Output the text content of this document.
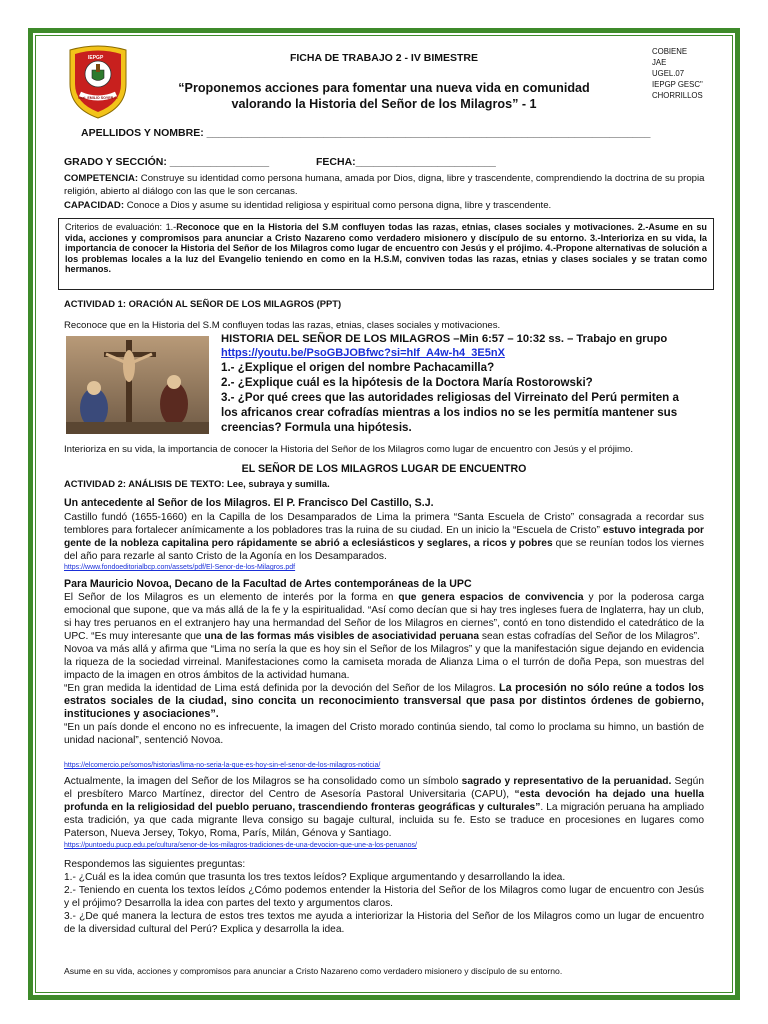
IEPGP
Gral. EMILIO SOYER C.
FICHA DE TRABAJO 2 - IV BIMESTRE
“Proponemos acciones para fomentar una nueva vida en comunidad
valorando la Historia del Señor de los Milagros” - 1
COBIENE
JAE
UGEL.07
IEPGP GESC"
CHORRILLOS
APELLIDOS Y NOMBRE: ____________________________________________________________________________
GRADO Y SECCIÓN: _________________	FECHA:________________________
COMPETENCIA: Construye su identidad como persona humana, amada por Dios, digna, libre y trascendente, comprendiendo la doctrina de su propia religión, abierto al diálogo con las que le son cercanas.
CAPACIDAD: Conoce a Dios y asume su identidad religiosa y espiritual como persona digna, libre y trascendente.
Criterios de evaluación: 1.-Reconoce que en la Historia del S.M confluyen todas las razas, etnias, clases sociales y motivaciones. 2.-Asume en su vida, acciones y compromisos para anunciar a Cristo Nazareno como verdadero misionero y discípulo de su entorno. 3.-Interioriza en su vida, la importancia de conocer la Historia del Señor de los Milagros como lugar de encuentro con Jesús y el prójimo. 4.-Propone alternativas de solución a los problemas locales a la luz del Evangelio teniendo en como en la H.S.M, conviven todas las razas, etnias y clases sociales y se tratan como hermanos.
ACTIVIDAD 1: ORACIÓN AL SEÑOR DE LOS MILAGROS (PPT)
Reconoce que en la Historia del S.M confluyen todas las razas, etnias, clases sociales y motivaciones.
HISTORIA DEL SEÑOR DE LOS MILAGROS –Min 6:57 – 10:32 ss. – Trabajo en grupo
https://youtu.be/PsoGBJOBfwc?si=hIf_A4w-h4_3E5nX
1.- ¿Explique el origen del nombre Pachacamilla?
2.- ¿Explique cuál es la hipótesis de la Doctora María Rostorowski?
3.- ¿Por qué crees que las autoridades religiosas del Virreinato del Perú permiten a los africanos crear cofradías mientras a los indios no se les permitía mantener sus creencias? Formula una hipótesis.
Interioriza en su vida, la importancia de conocer la Historia del Señor de los Milagros como lugar de encuentro con Jesús y el prójimo.
EL SEÑOR DE LOS MILAGROS LUGAR DE ENCUENTRO
ACTIVIDAD 2: ANÁLISIS DE TEXTO: Lee, subraya y sumilla.
Un antecedente al Señor de los Milagros. El P. Francisco Del Castillo, S.J.
Castillo fundó (1655-1660) en la Capilla de los Desamparados de Lima la primera “Santa Escuela de Cristo” consagrada a recordar sus temblores para fortalecer anímicamente a los pobladores tras la ruina de su ciudad. En un inicio la “Escuela de Cristo” estuvo integrada por gente de la nobleza capitalina pero rápidamente se abrió a eclesiásticos y seglares, a ricos y pobres que se reunían todos los viernes del año para rezarle al santo Cristo de la Agonía en los Desamparados.
https://www.fondoeditorialbcp.com/assets/pdf/El-Senor-de-los-Milagros.pdf
Para Mauricio Novoa, Decano de la Facultad de Artes contemporáneas de la UPC
El Señor de los Milagros es un elemento de interés por la forma en que genera espacios de convivencia y por la poderosa carga emocional que supone, que va más allá de la fe y la espiritualidad. “Así como decían que si hay tres ingleses fuera de Inglaterra, hay un club, si hay tres peruanos en el extranjero hay una hermandad del Señor de los Milagros en ciernes”, contó en tono distendido el catedrático de la UPC. “Es muy interesante que una de las formas más visibles de asociatividad peruana sean estas cofradías del Señor de los Milagros”.
Novoa va más allá y afirma que “Lima no sería la que es hoy sin el Señor de los Milagros” y que la manifestación sigue dejando en evidencia la riqueza de la sociedad virreinal. Manifestaciones como la camiseta morada de Alianza Lima o el turrón de doña Pepa, son muestras del impacto de la imagen en otros ámbitos de la actividad humana.
“En gran medida la identidad de Lima está definida por la devoción del Señor de los Milagros. La procesión no sólo reúne a todos los estratos sociales de la ciudad, sino concita un reconocimiento transversal que pasa por distintos órdenes de gobierno, instituciones y asociaciones”.
“En un país donde el encono no es infrecuente, la imagen del Cristo morado continúa siendo, tal como lo proclama su himno, un bastión de unidad nacional”, sentenció Novoa.
https://elcomercio.pe/somos/historias/lima-no-seria-la-que-es-hoy-sin-el-senor-de-los-milagros-noticia/
Actualmente, la imagen del Señor de los Milagros se ha consolidado como un símbolo sagrado y representativo de la peruanidad. Según el presbítero Marco Martínez, director del Centro de Asesoría Pastoral Universitaria (CAPU), “esta devoción ha dejado una huella profunda en la religiosidad del pueblo peruano, trascendiendo fronteras geográficas y culturales”. La migración peruana ha ampliado esta tradición, ya que cada migrante lleva consigo su bagaje cultural, incluida su fe. Esto se traduce en procesiones en lugares como Paterson, Nueva Jersey, Tokyo, Roma, París, Milán, Génova y Santiago.
https://puntoedu.pucp.edu.pe/cultura/senor-de-los-milagros-tradiciones-de-una-devocion-que-une-a-los-peruanos/
Respondemos las siguientes preguntas:
1.- ¿Cuál es la idea común que trasunta los tres textos leídos? Explique argumentando y desarrollando la idea.
2.- Teniendo en cuenta los textos leídos ¿Cómo podemos entender la Historia del Señor de los Milagros como lugar de encuentro con Jesús y el prójimo? Desarrolla la idea con partes del texto y argumentos claros.
3.- ¿De qué manera la lectura de estos tres textos me ayuda a interiorizar la Historia del Señor de los Milagros como un lugar de encuentro de la diversidad cultural del Perú? Explica y desarrolla la idea.
Asume en su vida, acciones y compromisos para anunciar a Cristo Nazareno como verdadero misionero y discípulo de su entorno.
